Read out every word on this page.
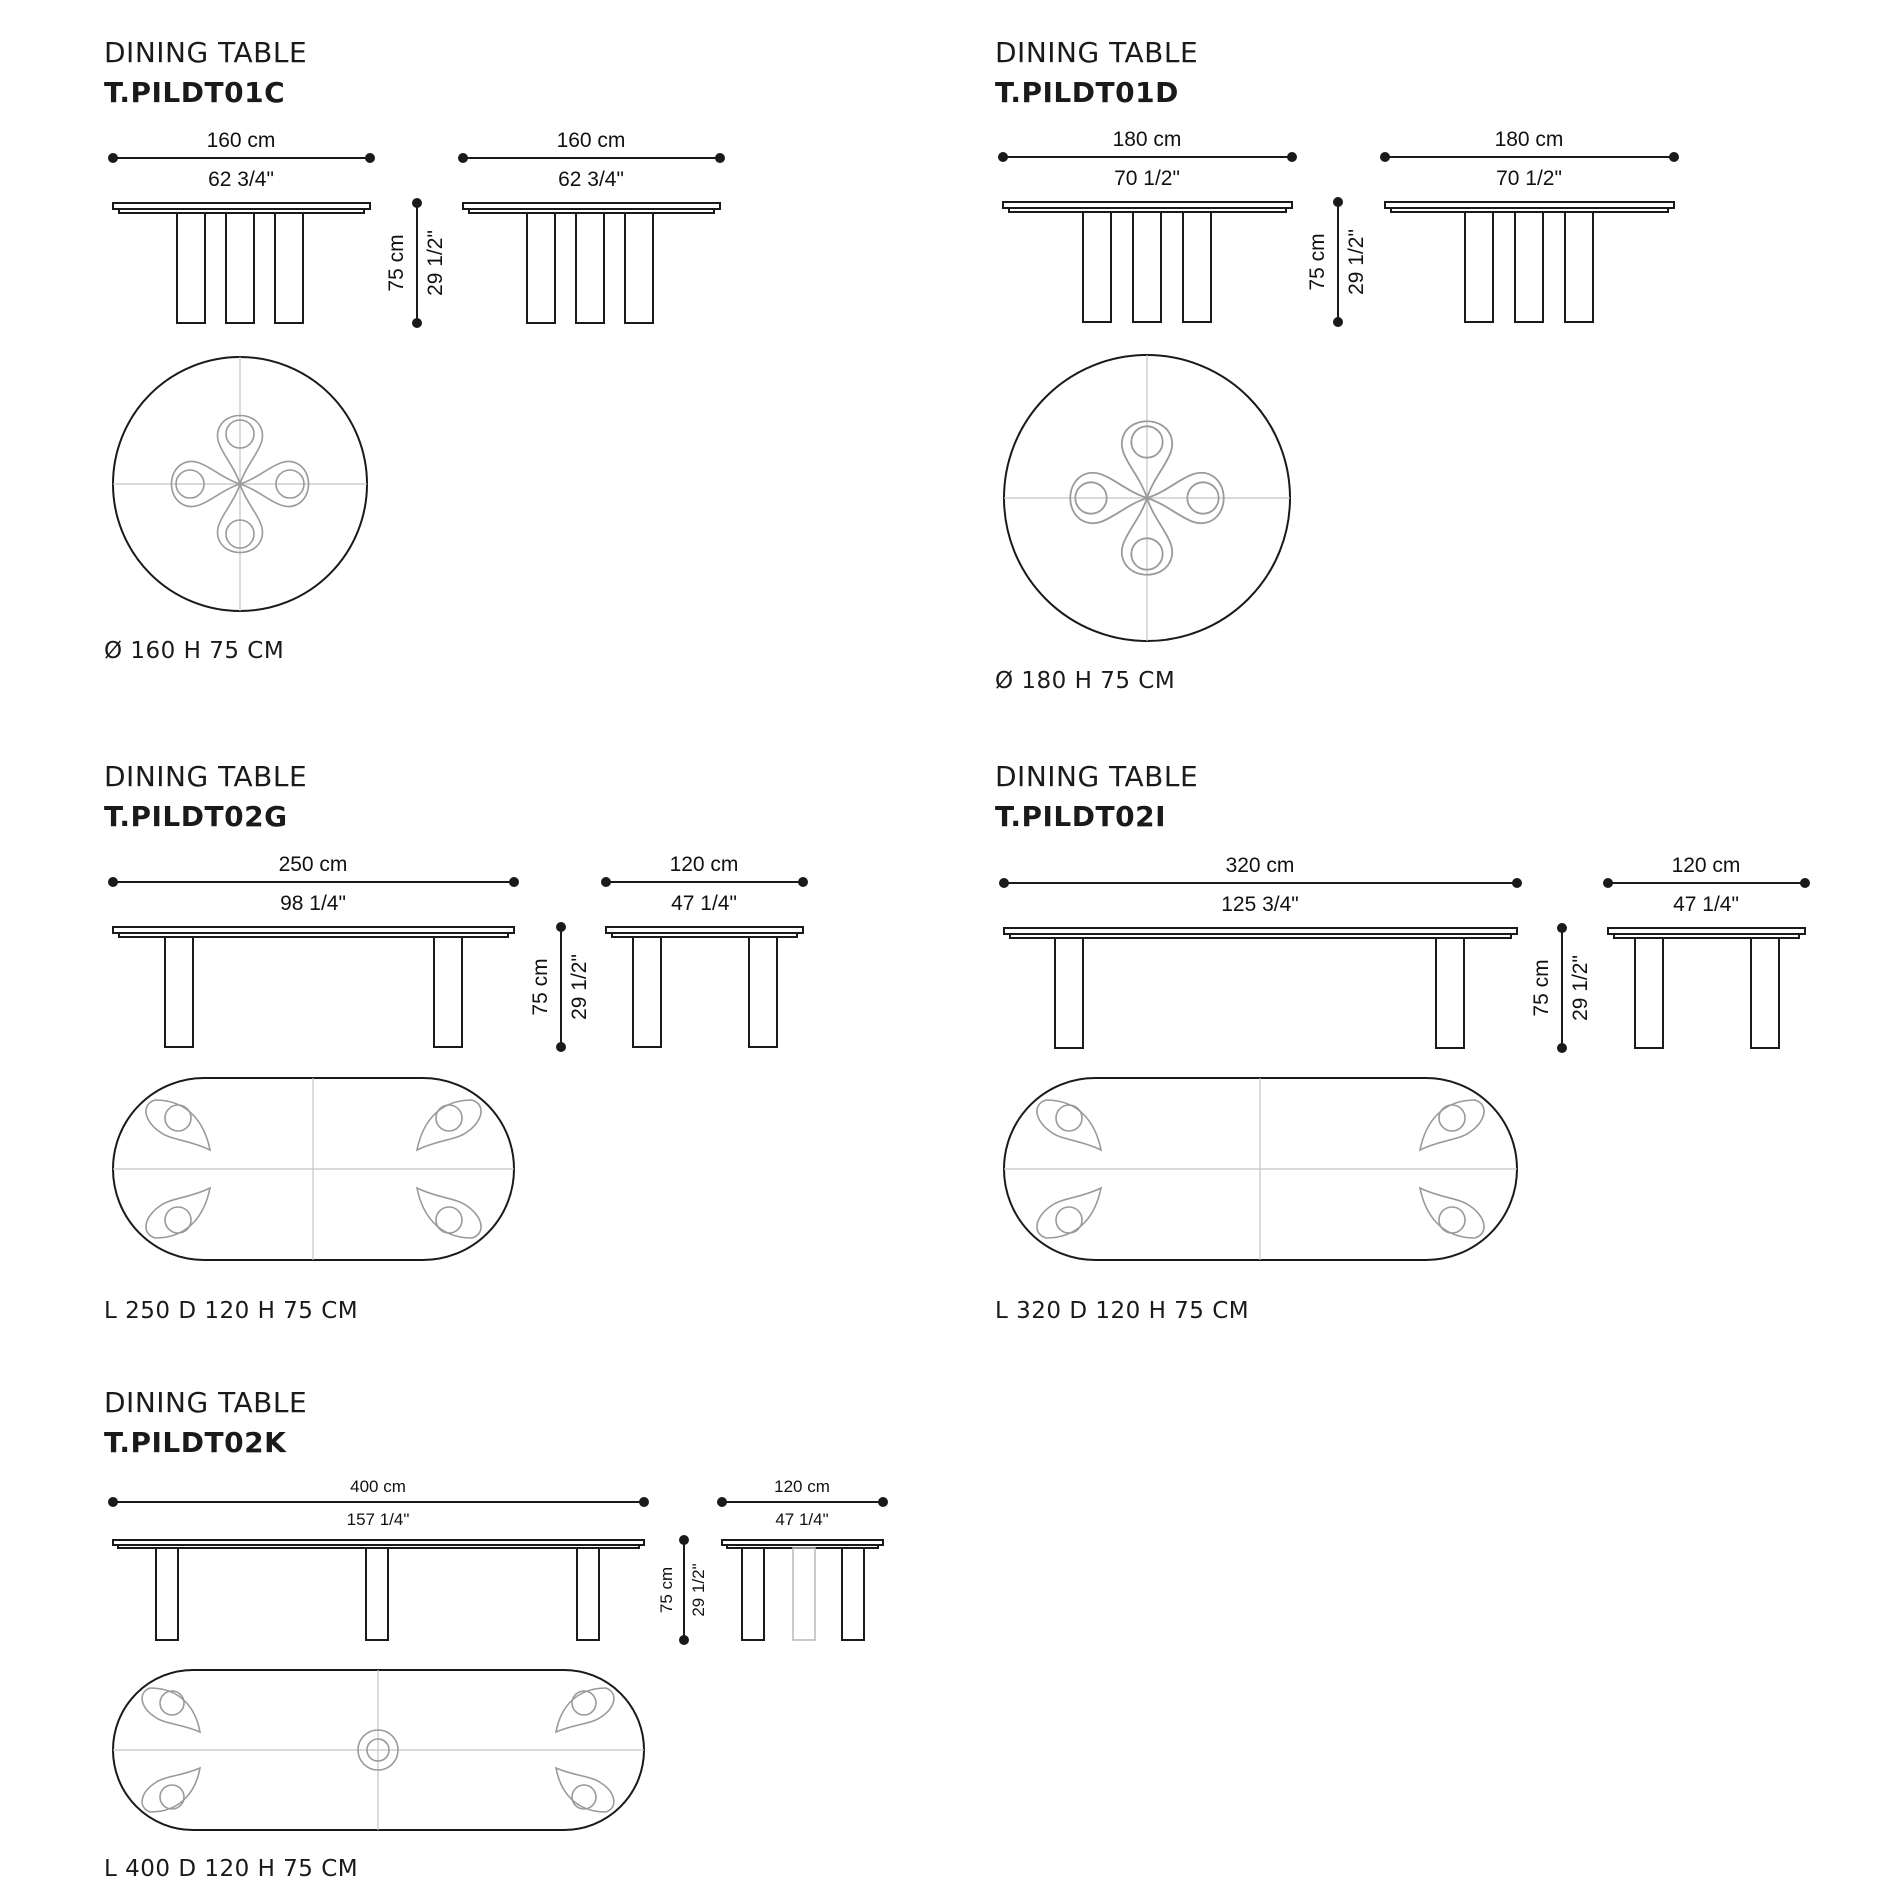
DINING TABLE
T.PILDT01C
160 cm
62 3/4"
160 cm
62 3/4"
75 cm 29 1/2"
Ø 160 H 75 CM
DINING TABLE
T.PILDT01D
180 cm
70 1/2"
180 cm
70 1/2"
75 cm 29 1/2"
Ø 180 H 75 CM
DINING TABLE
T.PILDT02G
250 cm
98 1/4"
120 cm
47 1/4"
75 cm 29 1/2"
L 250 D 120 H 75 CM
DINING TABLE
T.PILDT02I
320 cm
125 3/4"
120 cm
47 1/4"
75 cm 29 1/2"
L 320 D 120 H 75 CM
DINING TABLE
T.PILDT02K
400 cm
157 1/4"
120 cm
47 1/4"
75 cm 29 1/2"
L 400 D 120 H 75 CM
